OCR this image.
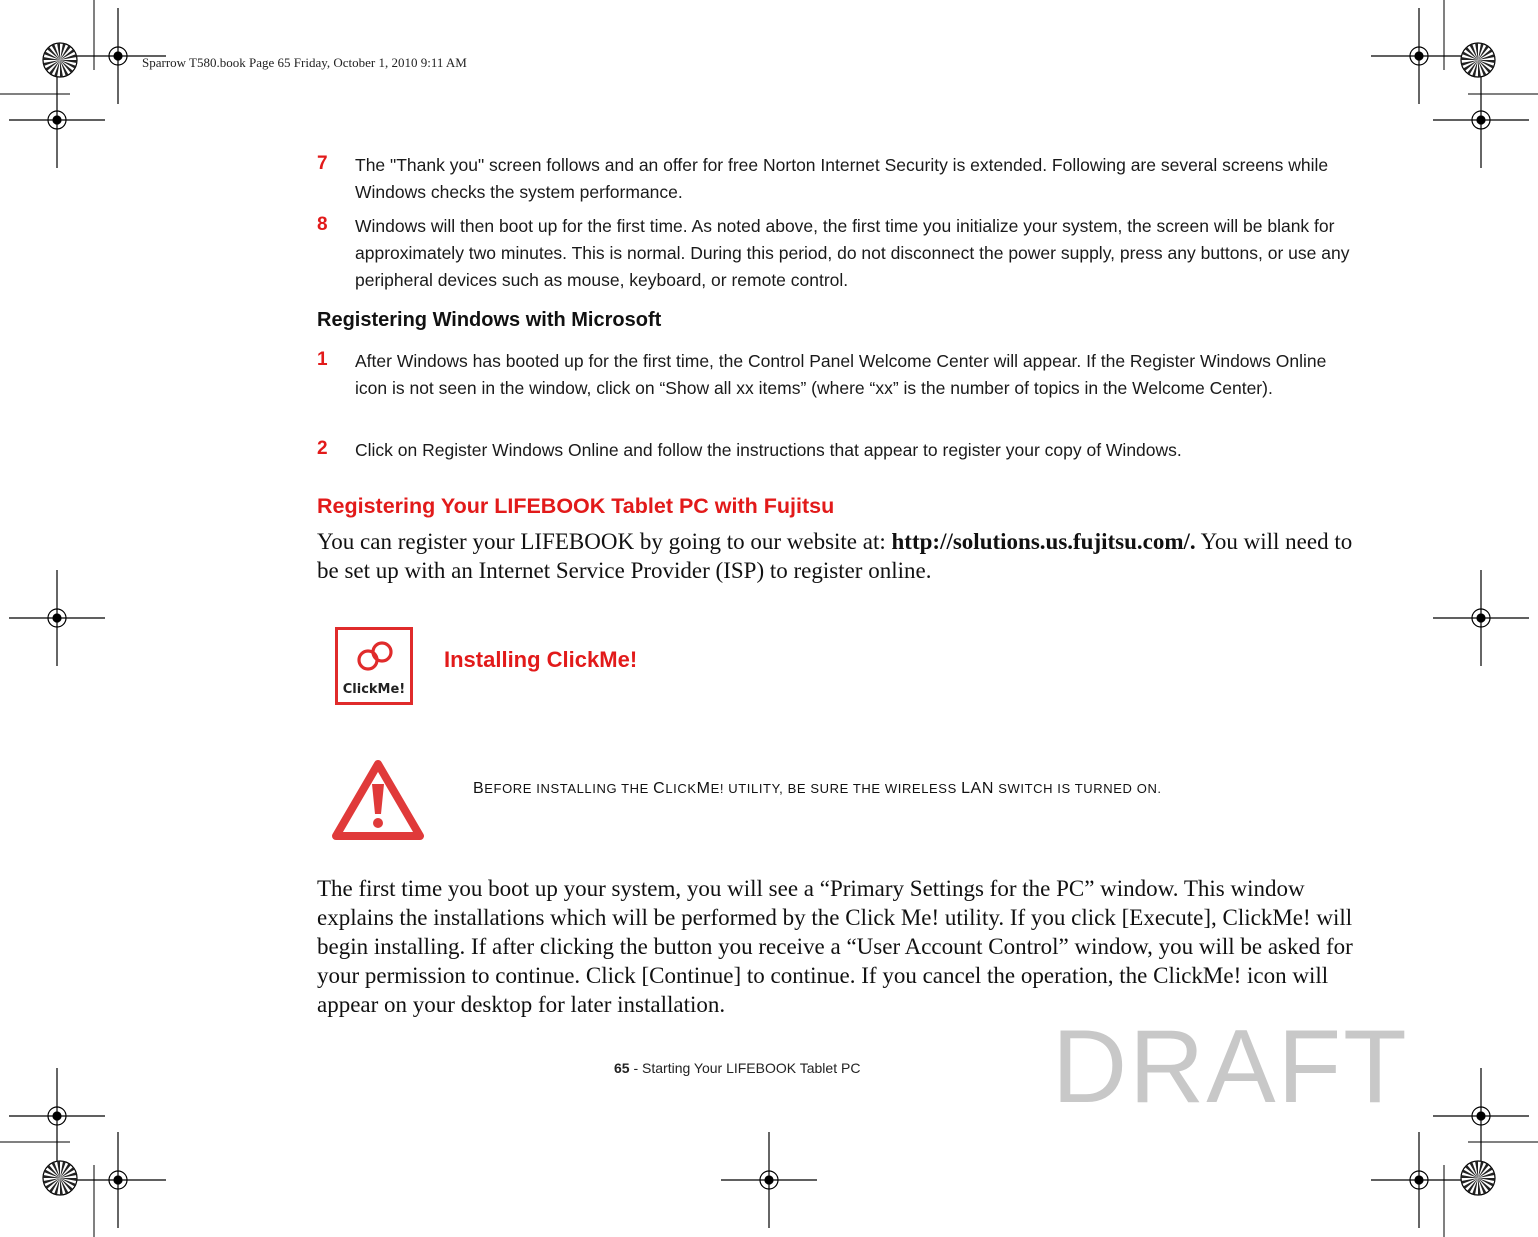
Sparrow T580.book Page 65 Friday, October 1, 2010 9:11 AM
7 The "Thank you" screen follows and an offer for free Norton Internet Security is extended. Following are several screens while Windows checks the system performance.
8 Windows will then boot up for the first time. As noted above, the first time you initialize your system, the screen will be blank for approximately two minutes. This is normal. During this period, do not disconnect the power supply, press any buttons, or use any peripheral devices such as mouse, keyboard, or remote control.
Registering Windows with Microsoft
1 After Windows has booted up for the first time, the Control Panel Welcome Center will appear. If the Register Windows Online icon is not seen in the window, click on “Show all xx items” (where “xx” is the number of topics in the Welcome Center).
2 Click on Register Windows Online and follow the instructions that appear to register your copy of Windows.
Registering Your LIFEBOOK Tablet PC with Fujitsu
You can register your LIFEBOOK by going to our website at: http://solutions.us.fujitsu.com/. You will need to be set up with an Internet Service Provider (ISP) to register online.
ClickMe!
Installing ClickMe!
BEFORE INSTALLING THE CLICKME! UTILITY, BE SURE THE WIRELESS LAN SWITCH IS TURNED ON.
The first time you boot up your system, you will see a “Primary Settings for the PC” window. This window explains the installations which will be performed by the Click Me! utility. If you click [Execute], ClickMe! will begin installing. If after clicking the button you receive a “User Account Control” window, you will be asked for your permission to continue. Click [Continue] to continue. If you cancel the operation, the ClickMe! icon will appear on your desktop for later installation.
65 - Starting Your LIFEBOOK Tablet PC DRAFT
